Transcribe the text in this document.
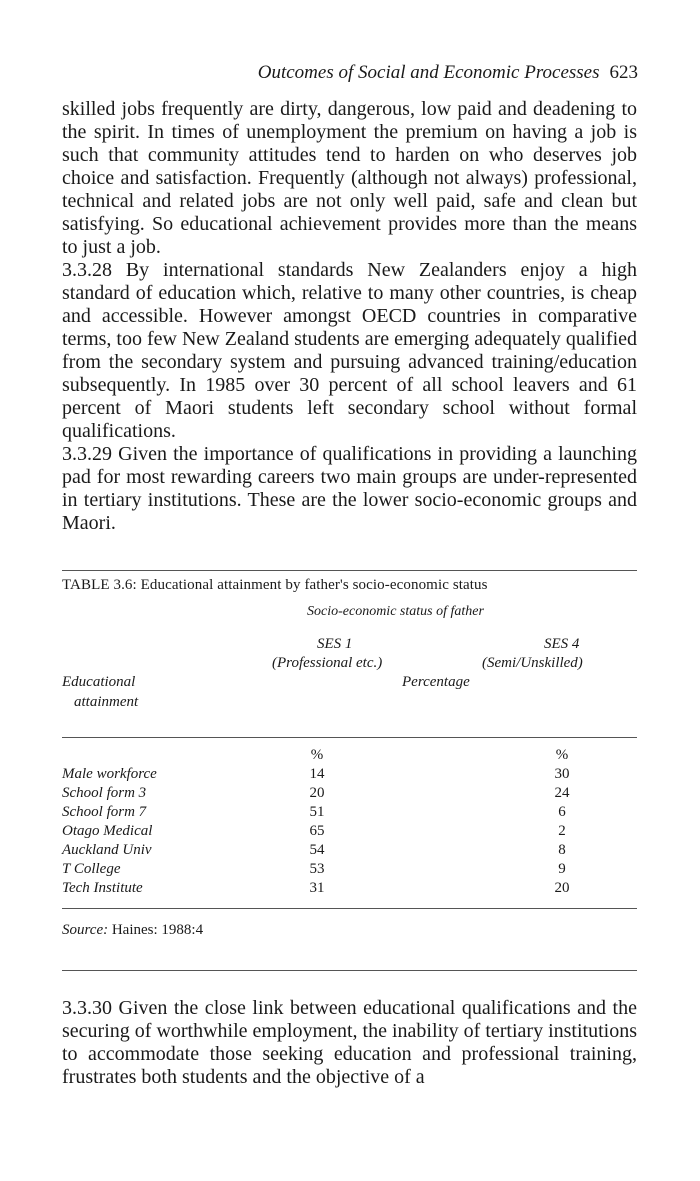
Outcomes of Social and Economic Processes 623

skilled jobs frequently are dirty, dangerous, low paid and deadening to the spirit. In times of unemployment the premium on having a job is such that community attitudes tend to harden on who deserves job choice and satisfaction. Frequently (although not always) professional, technical and related jobs are not only well paid, safe and clean but satisfying. So educational achievement provides more than the means to just a job.

3.3.28 By international standards New Zealanders enjoy a high standard of education which, relative to many other countries, is cheap and accessible. However amongst OECD countries in comparative terms, too few New Zealand students are emerging adequately qualified from the secondary system and pursuing advanced training/education subsequently. In 1985 over 30 percent of all school leavers and 61 percent of Maori students left secondary school without formal qualifications.

3.3.29 Given the importance of qualifications in providing a launching pad for most rewarding careers two main groups are under-represented in tertiary institutions. These are the lower socio-economic groups and Maori.

TABLE 3.6: Educational attainment by father's socio-economic status
Socio-economic status of father
SES 1	SES 4
(Professional etc.)	(Semi/Unskilled)
Educational	Percentage
attainment
%	%
Male workforce	14	30
School form 3	20	24
School form 7	51	6
Otago Medical	65	2
Auckland Univ	54	8
T College	53	9
Tech Institute	31	20
Source: Haines: 1988:4
3.3.30 Given the close link between educational qualifications and the securing of worthwhile employment, the inability of tertiary institutions to accommodate those seeking education and professional training, frustrates both students and the objective of a
